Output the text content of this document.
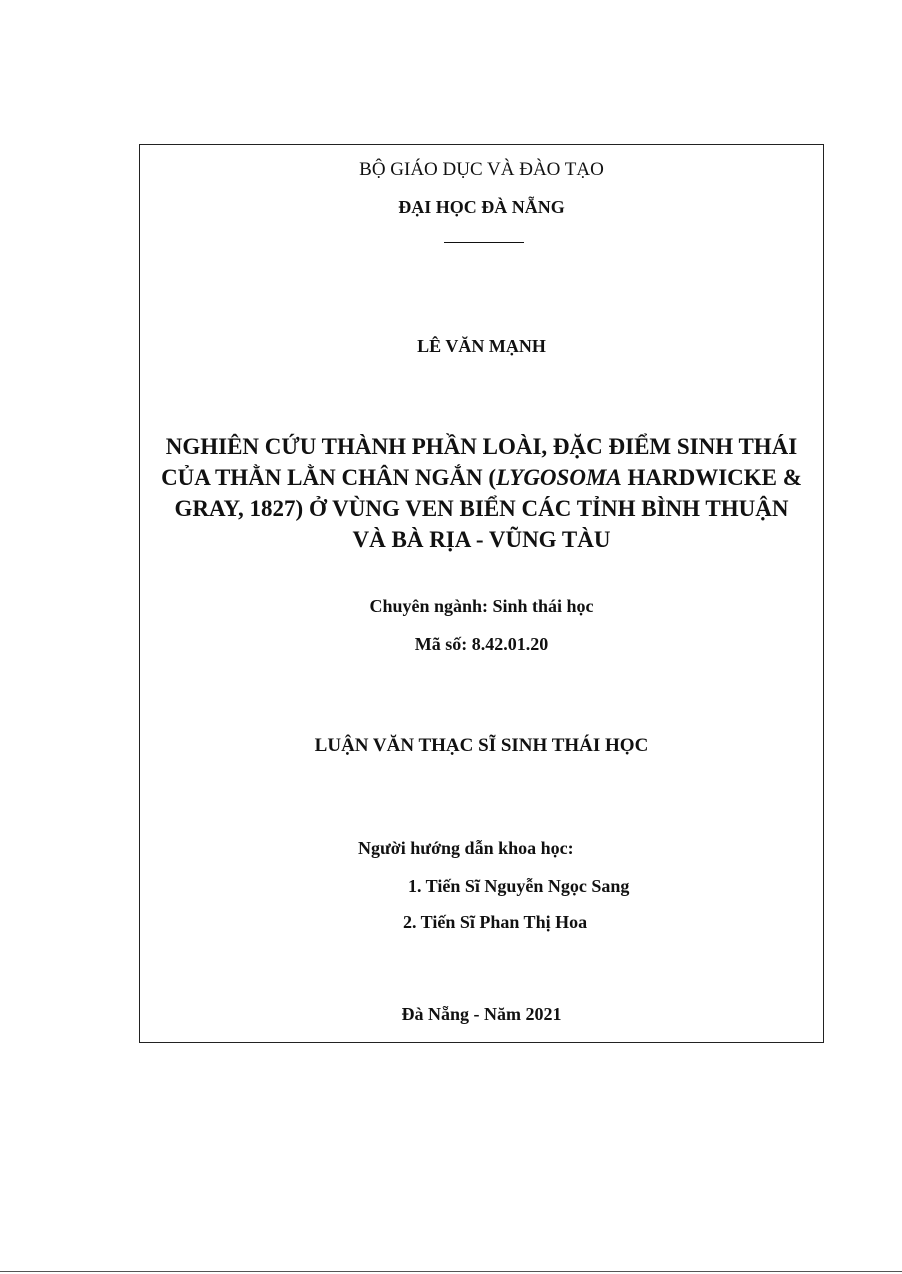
BỘ GIÁO DỤC VÀ ĐÀO TẠO
ĐẠI HỌC ĐÀ NẴNG
LÊ VĂN MẠNH
NGHIÊN CỨU THÀNH PHẦN LOÀI, ĐẶC ĐIỂM SINH THÁI
CỦA THẰN LẰN CHÂN NGẮN (LYGOSOMA HARDWICKE &
GRAY, 1827) Ở VÙNG VEN BIỂN CÁC TỈNH BÌNH THUẬN
VÀ BÀ RỊA - VŨNG TÀU
Chuyên ngành: Sinh thái học
Mã số: 8.42.01.20
LUẬN VĂN THẠC SĨ SINH THÁI HỌC
Người hướng dẫn khoa học:
1. Tiến Sĩ Nguyễn Ngọc Sang
2. Tiến Sĩ Phan Thị Hoa
Đà Nẵng - Năm 2021
